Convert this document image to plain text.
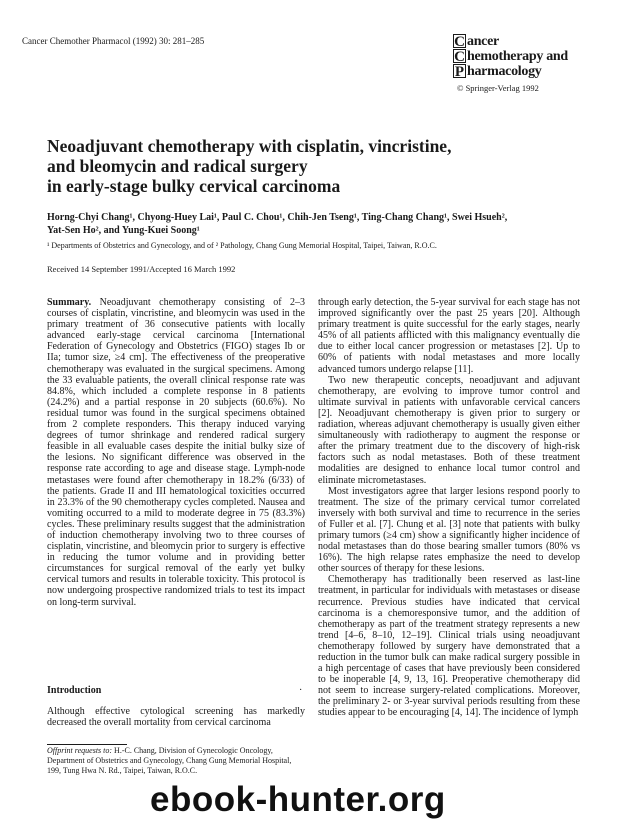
Cancer Chemother Pharmacol (1992) 30: 281–285	C ancer
C hemotherapy and
P harmacology
© Springer-Verlag 1992
Neoadjuvant chemotherapy with cisplatin, vincristine,
and bleomycin and radical surgery
in early-stage bulky cervical carcinoma
Horng-Chyi Chang¹, Chyong-Huey Lai¹, Paul C. Chou¹, Chih-Jen Tseng¹, Ting-Chang Chang¹, Swei Hsueh²,
Yat-Sen Ho², and Yung-Kuei Soong¹
¹ Departments of Obstetrics and Gynecology, and of ² Pathology, Chang Gung Memorial Hospital, Taipei, Taiwan, R.O.C.
Received 14 September 1991/Accepted 16 March 1992

Summary. Neoadjuvant chemotherapy consisting of 2–3 courses of cisplatin, vincristine, and bleomycin was used in the primary treatment of 36 consecutive patients with locally advanced early-stage cervical carcinoma [International Federation of Gynecology and Obstetrics (FIGO) stages Ib or IIa; tumor size, ≥4 cm]. The effectiveness of the preoperative chemotherapy was evaluated in the surgical specimens. Among the 33 evaluable patients, the overall clinical response rate was 84.8%, which included a complete response in 8 patients (24.2%) and a partial response in 20 subjects (60.6%). No residual tumor was found in the surgical specimens obtained from 2 complete responders. This therapy induced varying degrees of tumor shrinkage and rendered radical surgery feasible in all evaluable cases despite the initial bulky size of the lesions. No significant difference was observed in the response rate according to age and disease stage. Lymph-node metastases were found after chemotherapy in 18.2% (6/33) of the patients. Grade II and III hematological toxicities occurred in 23.3% of the 90 chemotherapy cycles completed. Nausea and vomiting occurred to a mild to moderate degree in 75 (83.3%) cycles. These preliminary results suggest that the administration of induction chemotherapy involving two to three courses of cisplatin, vincristine, and bleomycin prior to surgery is effective in reducing the tumor volume and in providing better circumstances for surgical removal of the early yet bulky cervical tumors and results in tolerable toxicity. This protocol is now undergoing prospective randomized trials to test its impact on long-term survival.

Introduction	·
Although effective cytological screening has markedly decreased the overall mortality from cervical carcinoma
Offprint requests to: H.-C. Chang, Division of Gynecologic Oncology, Department of Obstetrics and Gynecology, Chang Gung Memorial Hospital, 199, Tung Hwa N. Rd., Taipei, Taiwan, R.O.C.

through early detection, the 5-year survival for each stage has not improved significantly over the past 25 years [20]. Although primary treatment is quite successful for the early stages, nearly 45% of all patients afflicted with this malignancy eventually die due to either local cancer progression or metastases [2]. Up to 60% of patients with nodal metastases and more locally advanced tumors undergo relapse [11].

Two new therapeutic concepts, neoadjuvant and adjuvant chemotherapy, are evolving to improve tumor control and ultimate survival in patients with unfavorable cervical cancers [2]. Neoadjuvant chemotherapy is given prior to surgery or radiation, whereas adjuvant chemotherapy is usually given either simultaneously with radiotherapy to augment the response or after the primary treatment due to the discovery of high-risk factors such as nodal metastases. Both of these treatment modalities are designed to enhance local tumor control and eliminate micrometastases.

Most investigators agree that larger lesions respond poorly to treatment. The size of the primary cervical tumor correlated inversely with both survival and time to recurrence in the series of Fuller et al. [7]. Chung et al. [3] note that patients with bulky primary tumors (≥4 cm) show a significantly higher incidence of nodal metastases than do those bearing smaller tumors (80% vs 16%). The high relapse rates emphasize the need to develop other sources of therapy for these lesions.

Chemotherapy has traditionally been reserved as last-line treatment, in particular for individuals with metastases or disease recurrence. Previous studies have indicated that cervical carcinoma is a chemoresponsive tumor, and the addition of chemotherapy as part of the treatment strategy represents a new trend [4–6, 8–10, 12–19]. Clinical trials using neoadjuvant chemotherapy followed by surgery have demonstrated that a reduction in the tumor bulk can make radical surgery possible in a high percentage of cases that have previously been considered to be inoperable [4, 9, 13, 16]. Preoperative chemotherapy did not seem to increase surgery-related complications. Moreover, the preliminary 2- or 3-year survival periods resulting from these studies appear to be encouraging [4, 14]. The incidence of lymph

ebook-hunter.org
